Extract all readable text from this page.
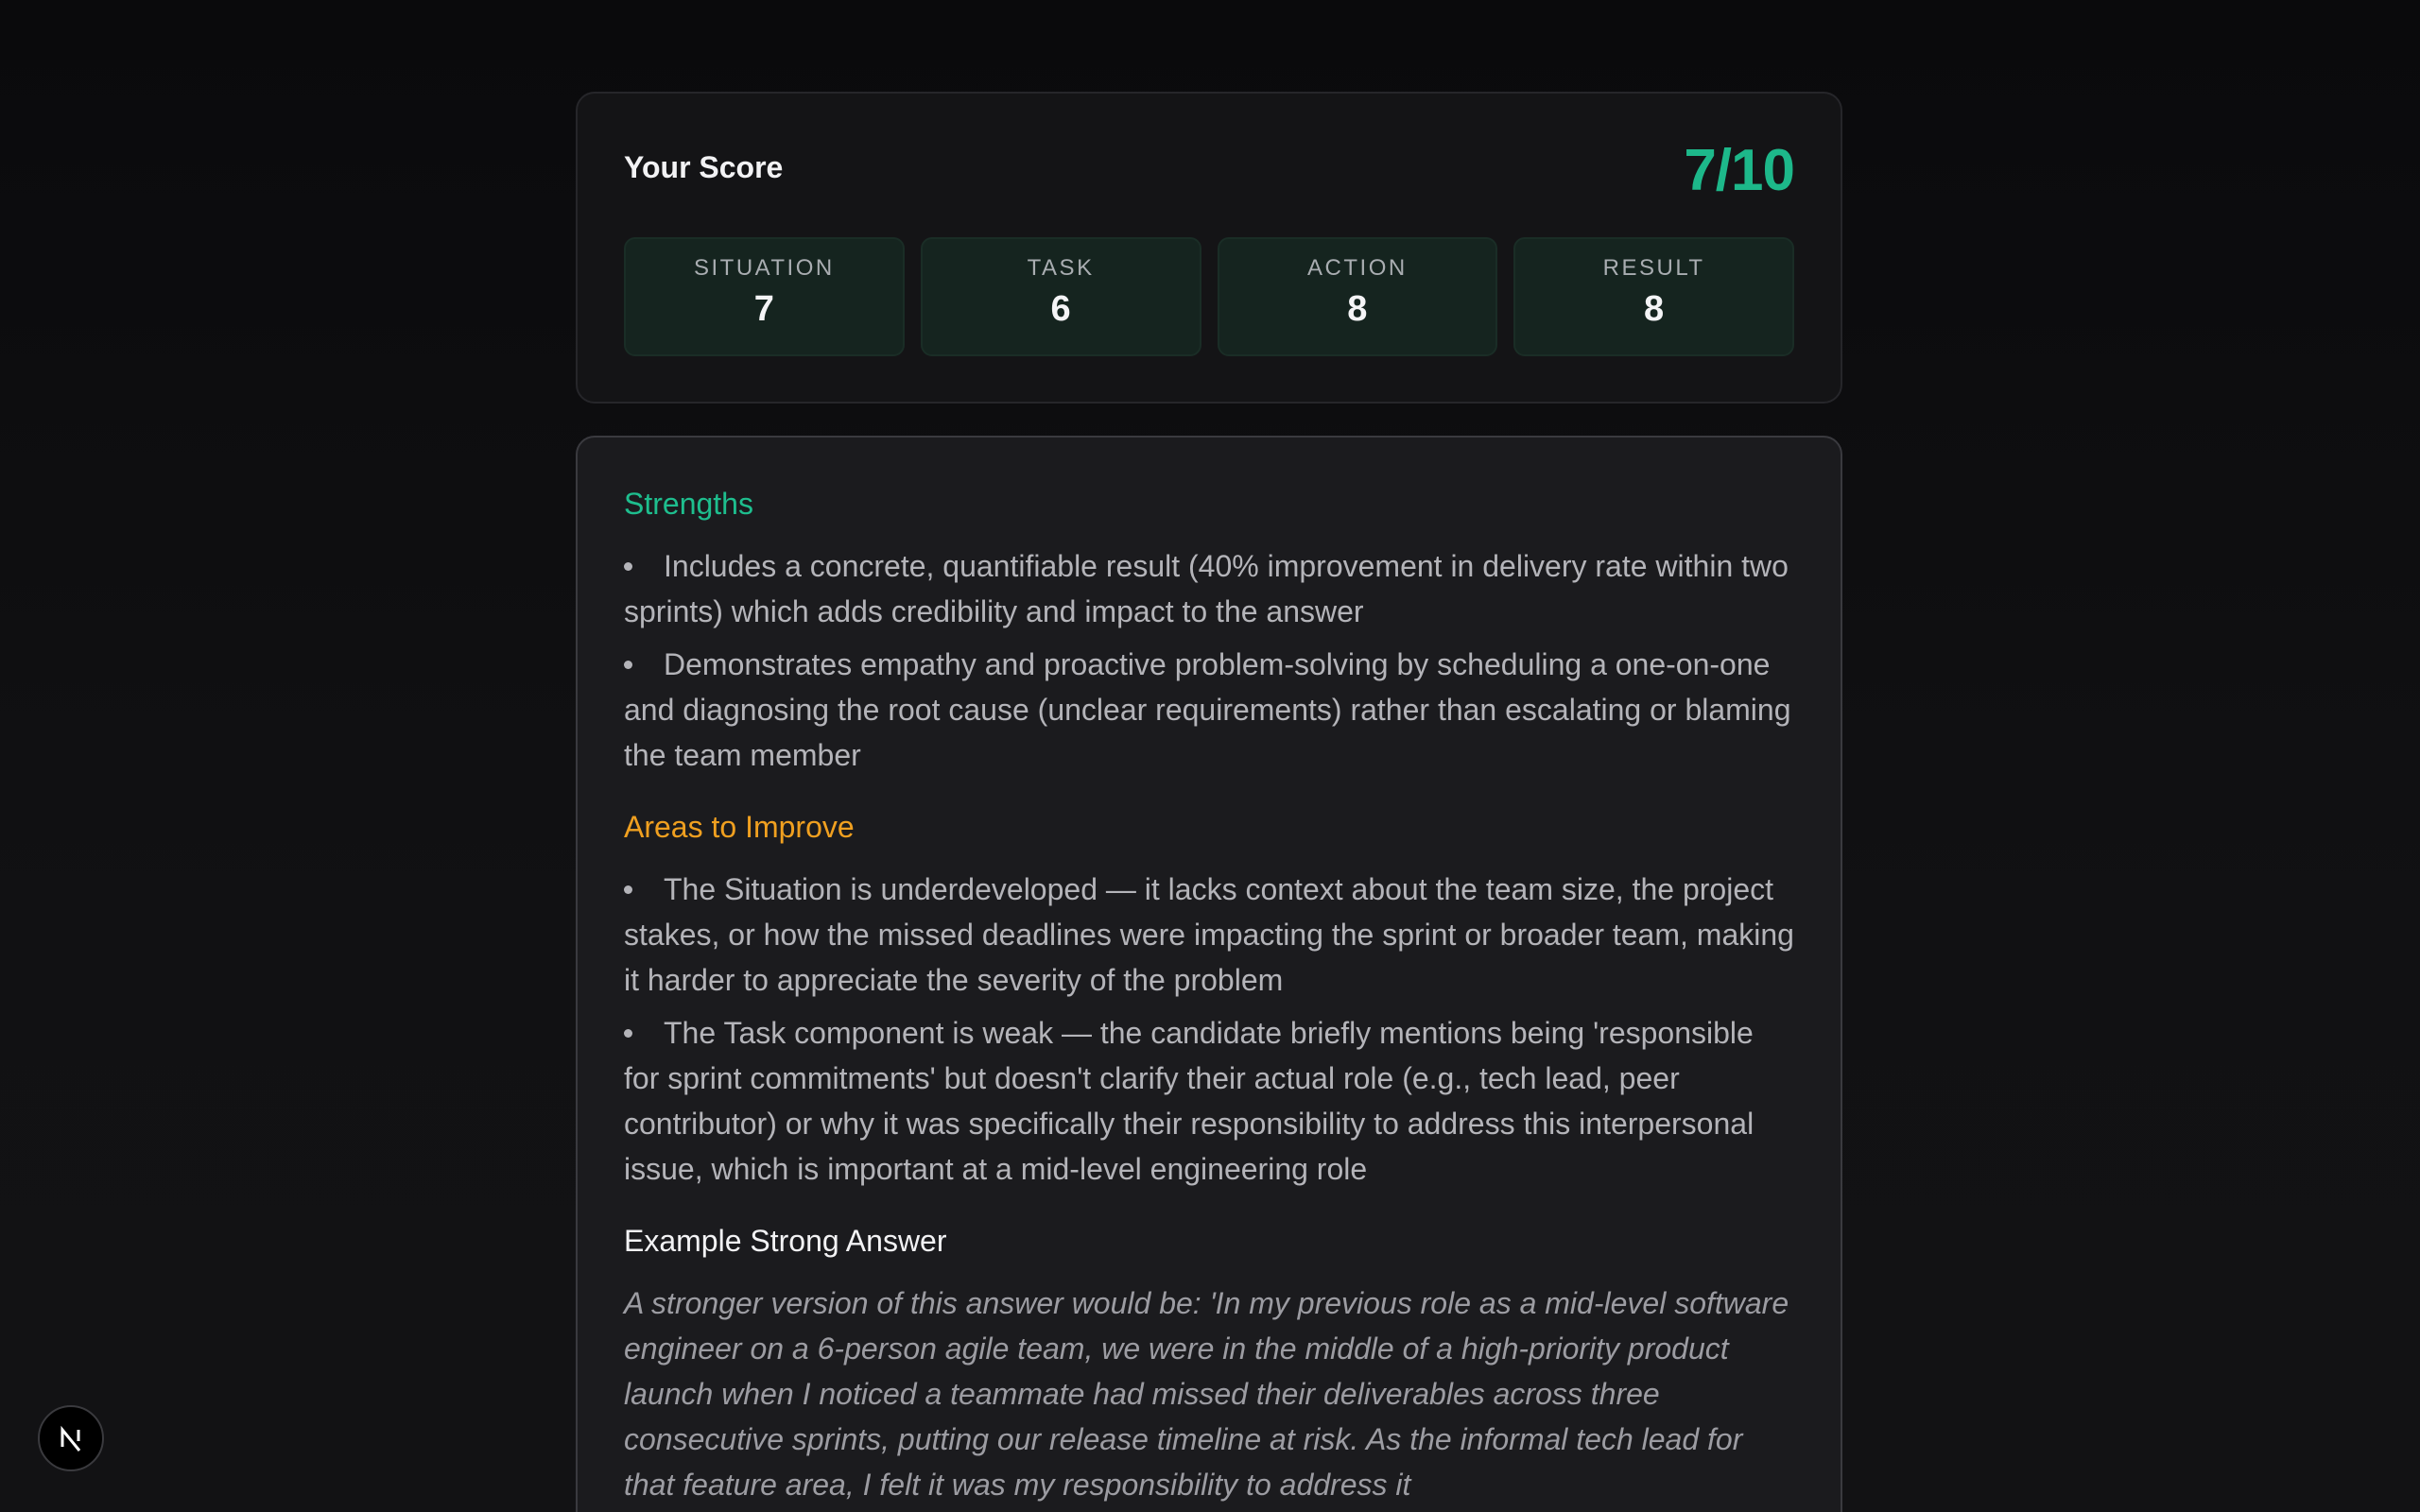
Your Score	7/10
SITUATION
7
TASK
6
ACTION
8
RESULT
8
Strengths
Includes a concrete, quantifiable result (40% improvement in delivery rate within two sprints) which adds credibility and impact to the answer
Demonstrates empathy and proactive problem-solving by scheduling a one-on-one and diagnosing the root cause (unclear requirements) rather than escalating or blaming the team member
Areas to Improve
The Situation is underdeveloped — it lacks context about the team size, the project stakes, or how the missed deadlines were impacting the sprint or broader team, making it harder to appreciate the severity of the problem
The Task component is weak — the candidate briefly mentions being 'responsible for sprint commitments' but doesn't clarify their actual role (e.g., tech lead, peer contributor) or why it was specifically their responsibility to address this interpersonal issue, which is important at a mid-level engineering role
Example Strong Answer
A stronger version of this answer would be: 'In my previous role as a mid-level software engineer on a 6-person agile team, we were in the middle of a high-priority product launch when I noticed a teammate had missed their deliverables across three consecutive sprints, putting our release timeline at risk. As the informal tech lead for that feature area, I felt it was my responsibility to address it
